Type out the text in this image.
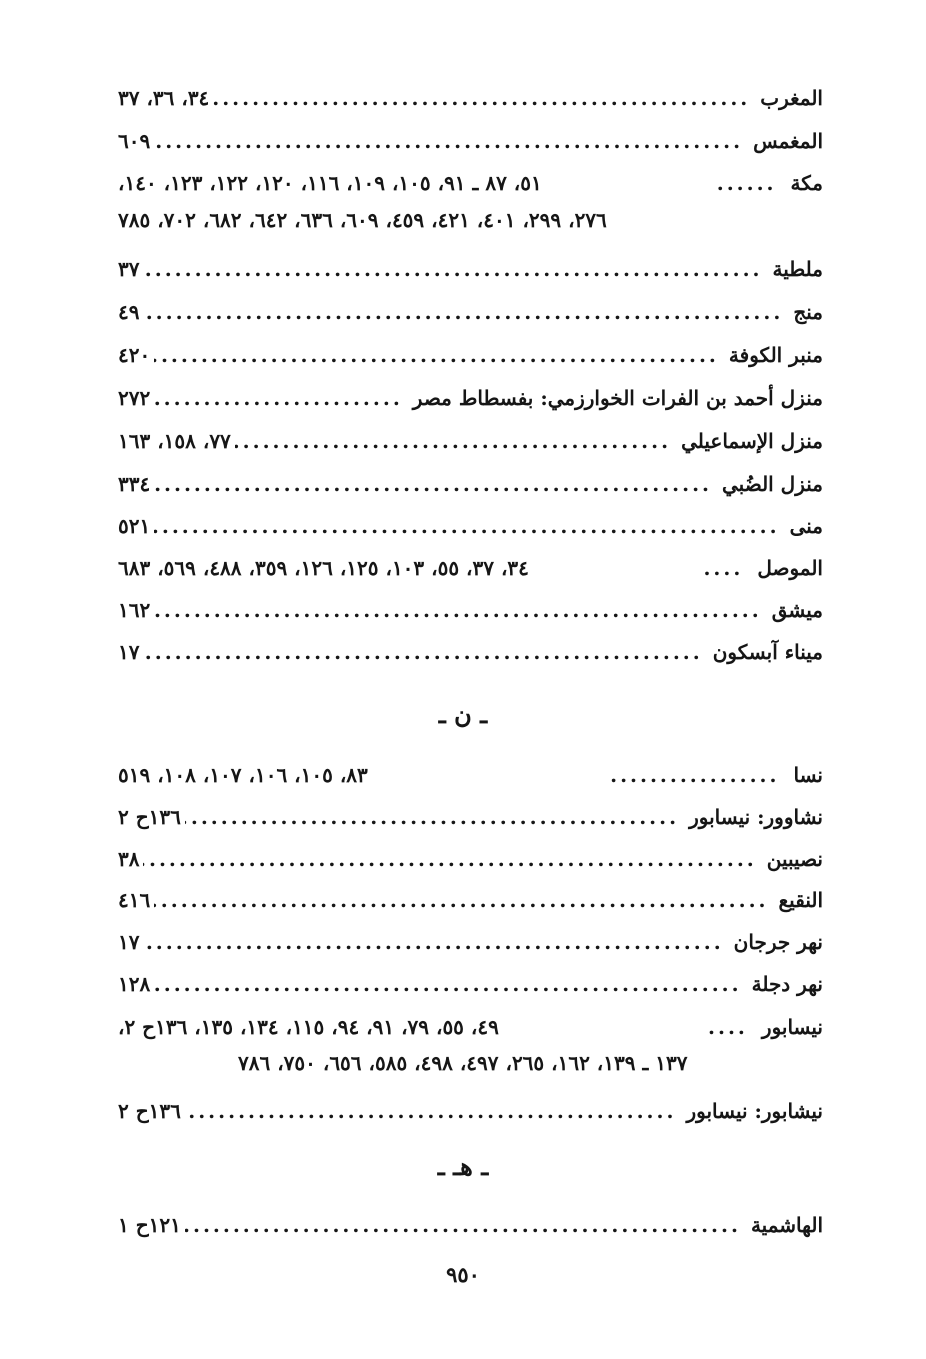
المغرب
.....
٣٤، ٣٦، ٣٧
المغمس
.....
٦٠٩
مكة
.....
٥١، ٨٧ ـ ٩١، ١٠٥، ١٠٩، ١١٦، ١٢٠، ١٢٢، ١٢٣، ١٤٠،
٢٧٦، ٢٩٩، ٤٠١، ٤٢١، ٤٥٩، ٦٠٩، ٦٣٦، ٦٤٢، ٦٨٢، ٧٠٢، ٧٨٥
ملطية
.....
٣٧
منج
.....
٤٩
منبر الكوفة
.....
٤٢٠
منزل أحمد بن الفرات الخوارزمي: بفسطاط مصر
.....
٢٧٢
منزل الإسماعيلي
.....
٧٧، ١٥٨، ١٦٣
منزل الضُبي
.....
٣٣٤
منى
.....
٥٢١
الموصل
.....
٣٤، ٣٧، ٥٥، ١٠٣، ١٢٥، ١٢٦، ٣٥٩، ٤٨٨، ٥٦٩، ٦٨٣
ميشق
.....
١٦٢
ميناء آبسكون
.....
١٧
ـ ن ـ
نسا
.....
٨٣، ١٠٥، ١٠٦، ١٠٧، ١٠٨، ٥١٩
نشاوور: نيسابور
.....
١٣٦ح ٢
نصيبين
.....
٣٨
النقيع
.....
٤١٦
نهر جرجان
.....
١٧
نهر دجلة
.....
١٢٨
نيسابور
.....
٤٩، ٥٥، ٧٩، ٩١، ٩٤، ١١٥، ١٣٤، ١٣٥، ١٣٦ح ٢،
١٣٧ ـ ١٣٩، ١٦٢، ٢٦٥، ٤٩٧، ٤٩٨، ٥٨٥، ٦٥٦، ٧٥٠، ٧٨٦
نيشابور: نيسابور
.....
١٣٦ح ٢
ـ هـ ـ
الهاشمية
.....
١٢١ح ١
٩٥٠
